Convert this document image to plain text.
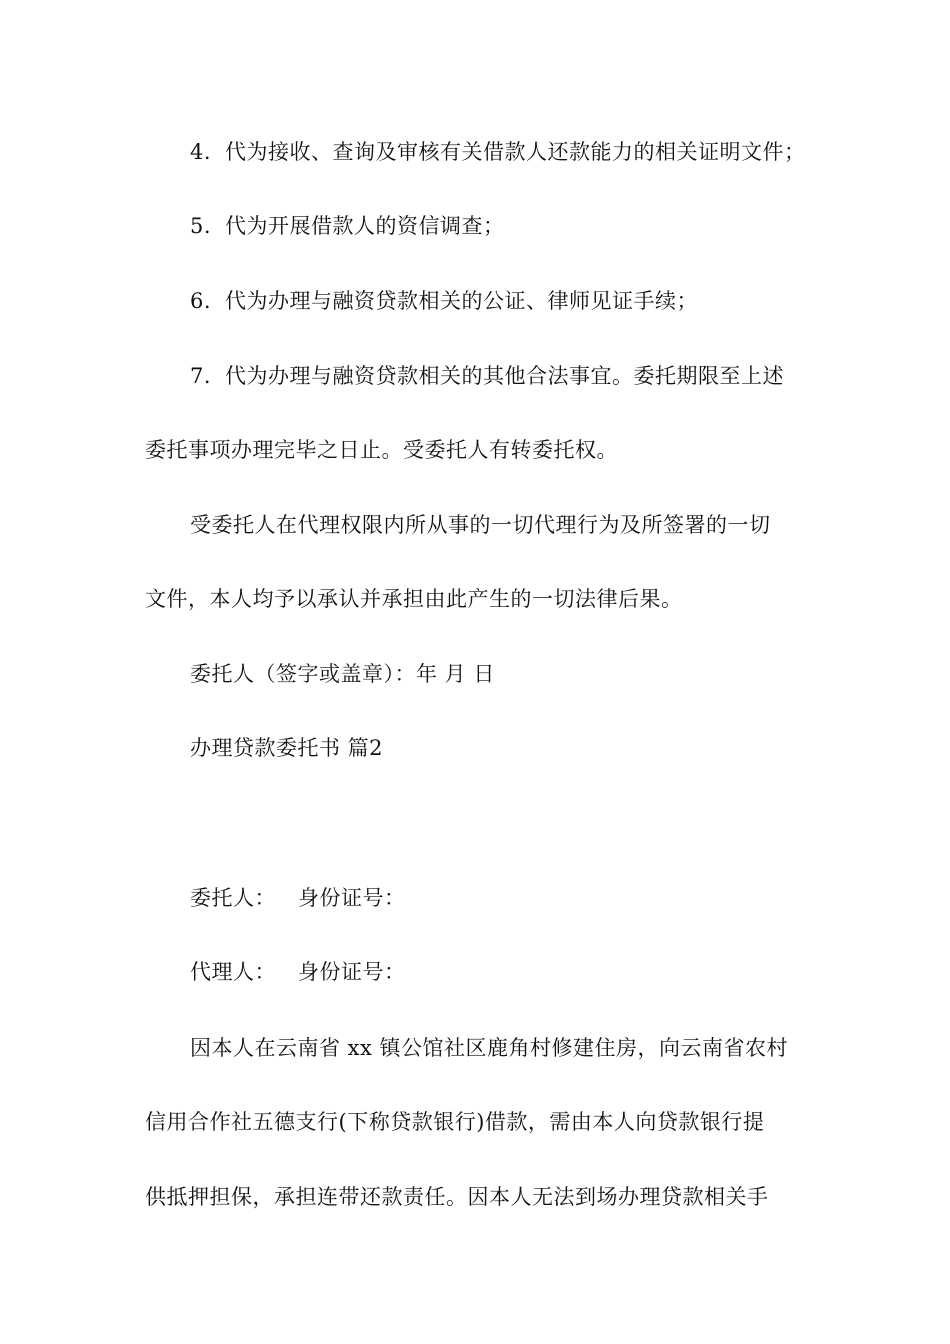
4. 代为接收、查询及审核有关借款人还款能力的相关证明文件；
5. 代为开展借款人的资信调查；
6. 代为办理与融资贷款相关的公证、律师见证手续；
7. 代为办理与融资贷款相关的其他合法事宜。委托期限至上述
委托事项办理完毕之日止。受委托人有转委托权。
受委托人在代理权限内所从事的一切代理行为及所签署的一切
文件，本人均予以承认并承担由此产生的一切法律后果。
委托人（签字或盖章）：年 月 日
办理贷款委托书 篇2
委托人： 身份证号：
代理人： 身份证号：
因本人在云南省 xx 镇公馆社区鹿角村修建住房，向云南省农村
信用合作社五德支行(下称贷款银行)借款，需由本人向贷款银行提
供抵押担保，承担连带还款责任。因本人无法到场办理贷款相关手
